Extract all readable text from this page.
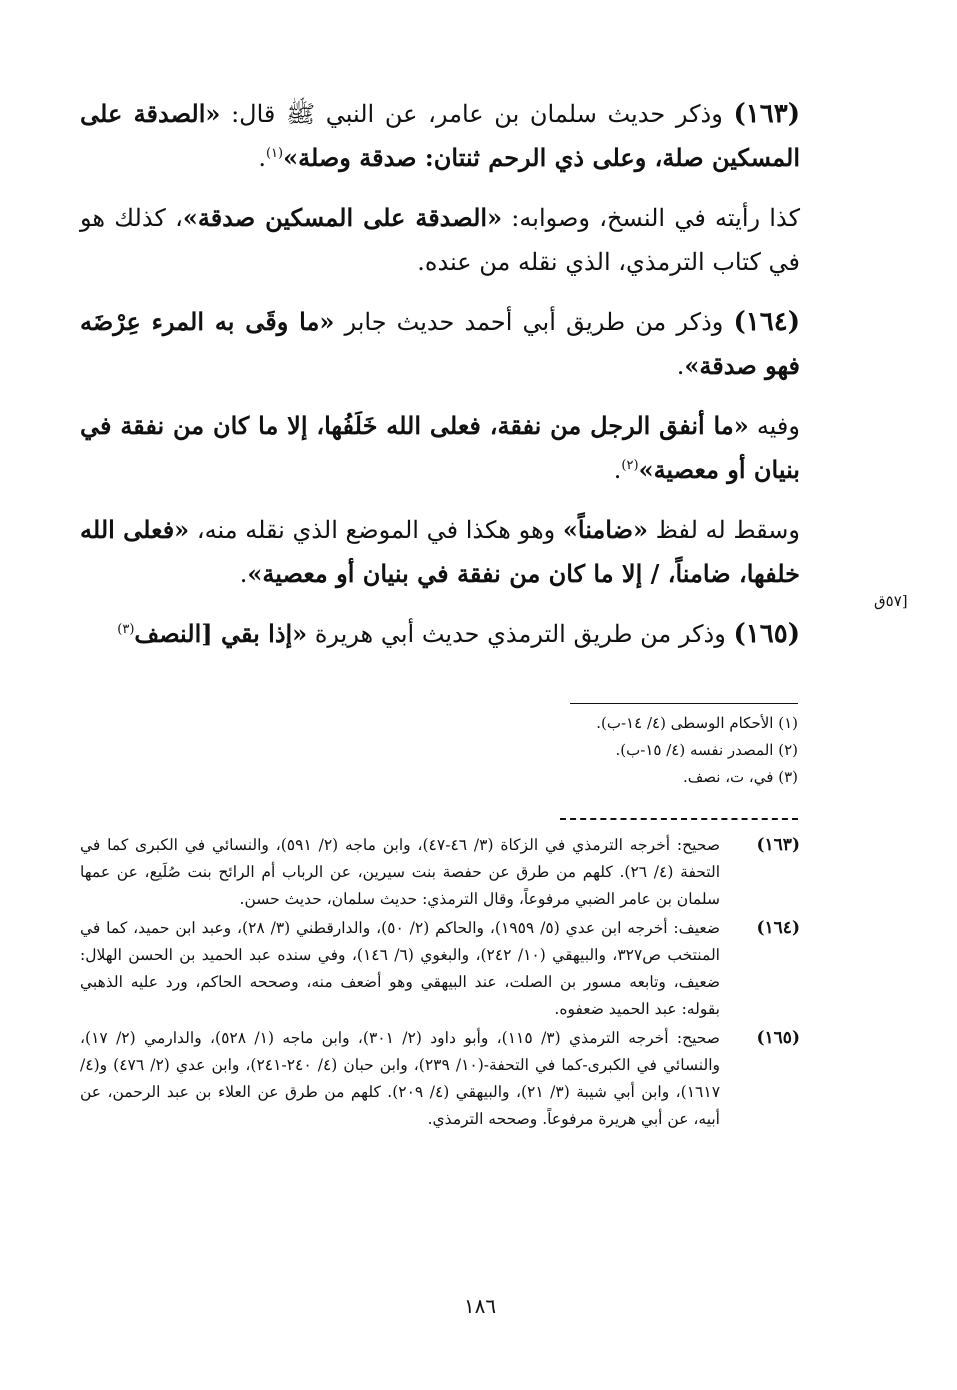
(١٦٣) وذكر حديث سلمان بن عامر، عن النبي ﷺ قال: «الصدقة على المسكين صلة، وعلى ذي الرحم ثنتان: صدقة وصلة»$^{(١)}$.

كذا رأيته في النسخ، وصوابه: «الصدقة على المسكين صدقة»، كذلك هو في كتاب الترمذي، الذي نقله من عنده.

(١٦٤) وذكر من طريق أبي أحمد حديث جابر «ما وقَى به المرء عِرْضَه فهو صدقة».

وفيه «ما أنفق الرجل من نفقة، فعلى الله خَلَفُها، إلا ما كان من نفقة في بنيان أو معصية»$^{(٢)}$.

وسقط له لفظ «ضامناً» وهو هكذا في الموضع الذي نقله منه، «فعلى الله خلفها، ضامناً، / إلا ما كان من نفقة في بنيان أو معصية».

(١٦٥) وذكر من طريق الترمذي حديث أبي هريرة «إذا بقي [النصف$^{(٣)}$

[٥٧ق
(١) الأحكام الوسطى (٤/ ١٤-ب).
(٢) المصدر نفسه (٤/ ١٥-ب).
(٣) في، ت، نصف.
(١٦٣)
صحيح: أخرجه الترمذي في الزكاة (٣/ ٤٦-٤٧)، وابن ماجه (٢/ ٥٩١)، والنسائي في الكبرى كما في التحفة (٤/ ٢٦). كلهم من طرق عن حفصة بنت سيرين، عن الرباب أم الرائح بنت صُلَيع، عن عمها سلمان بن عامر الضبي مرفوعاً، وقال الترمذي: حديث سلمان، حديث حسن.
(١٦٤)
ضعيف: أخرجه ابن عدي (٥/ ١٩٥٩)، والحاكم (٢/ ٥٠)، والدارقطني (٣/ ٢٨)، وعبد ابن حميد، كما في المنتخب ص٣٢٧، والبيهقي (١٠/ ٢٤٢)، والبغوي (٦/ ١٤٦)، وفي سنده عبد الحميد بن الحسن الهلال: ضعيف، وتابعه مسور بن الصلت، عند البيهقي وهو أضعف منه، وصححه الحاكم، ورد عليه الذهبي بقوله: عبد الحميد ضعفوه.
(١٦٥)
صحيح: أخرجه الترمذي (٣/ ١١٥)، وأبو داود (٢/ ٣٠١)، وابن ماجه (١/ ٥٢٨)، والدارمي (٢/ ١٧)، والنسائي في الكبرى-كما في التحفة-(١٠/ ٢٣٩)، وابن حبان (٤/ ٢٤٠-٢٤١)، وابن عدي (٢/ ٤٧٦) و(٤/ ١٦١٧)، وابن أبي شيبة (٣/ ٢١)، والبيهقي (٤/ ٢٠٩). كلهم من طرق عن العلاء بن عبد الرحمن، عن أبيه، عن أبي هريرة مرفوعاً. وصححه الترمذي.
١٨٦
